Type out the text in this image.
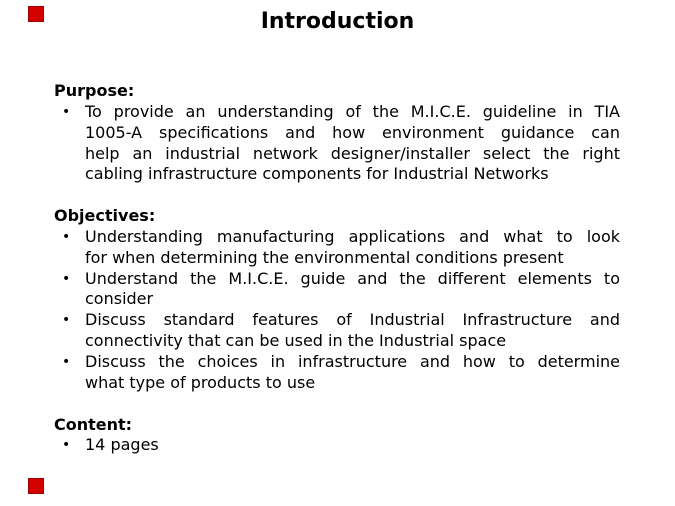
Introduction
Purpose:
• To provide an understanding of the M.I.C.E. guideline in TIA
1005-A specifications and how environment guidance can
help an industrial network designer/installer select the right
cabling infrastructure components for Industrial Networks
Objectives:
• Understanding manufacturing applications and what to look
for when determining the environmental conditions present
• Understand the M.I.C.E. guide and the different elements to
consider
• Discuss standard features of Industrial Infrastructure and
connectivity that can be used in the Industrial space
• Discuss the choices in infrastructure and how to determine
what type of products to use
Content:
• 14 pages
